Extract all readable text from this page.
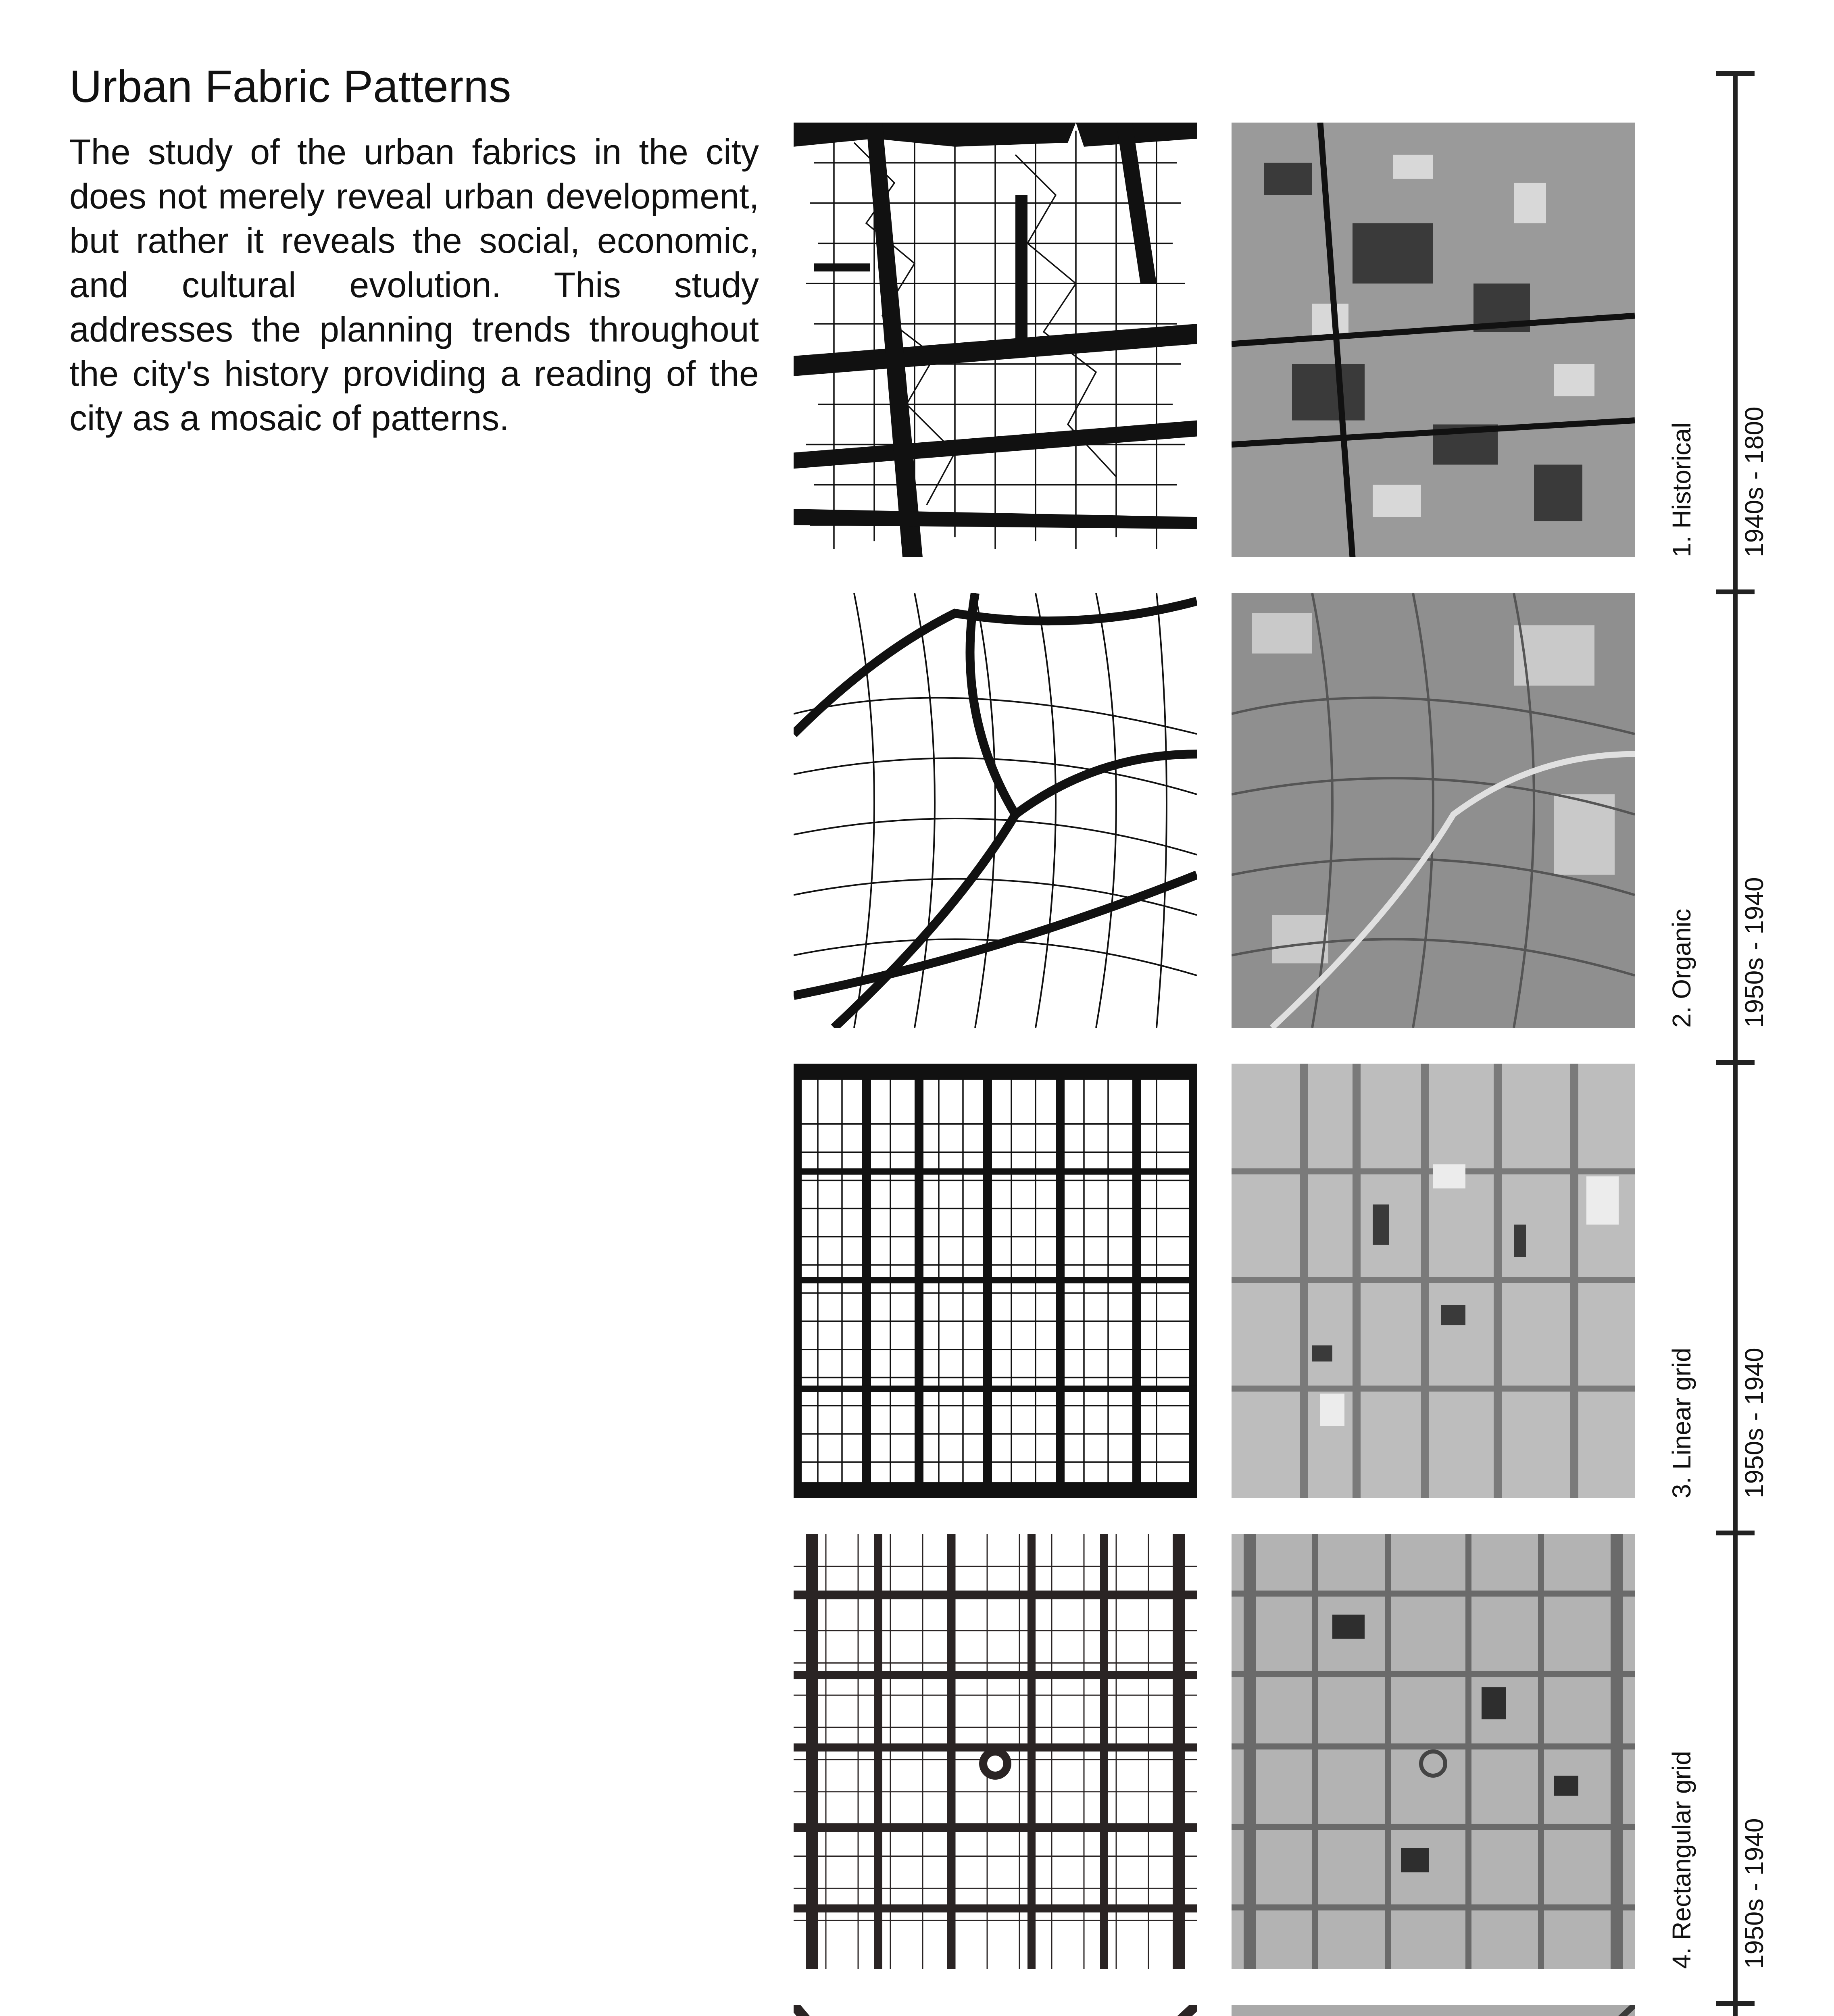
Urban Fabric Patterns
The study of the urban fabrics in the city does not merely reveal urban development, but rather it reveals the social, economic, and cultural evolution. This study addresses the planning trends throughout the city's history providing a reading of the city as a mosaic of patterns.
1. Historical 1940s - 1800
2. Organic 1950s - 1940
3. Linear grid 1950s - 1940
4. Rectangular grid 1950s - 1940
